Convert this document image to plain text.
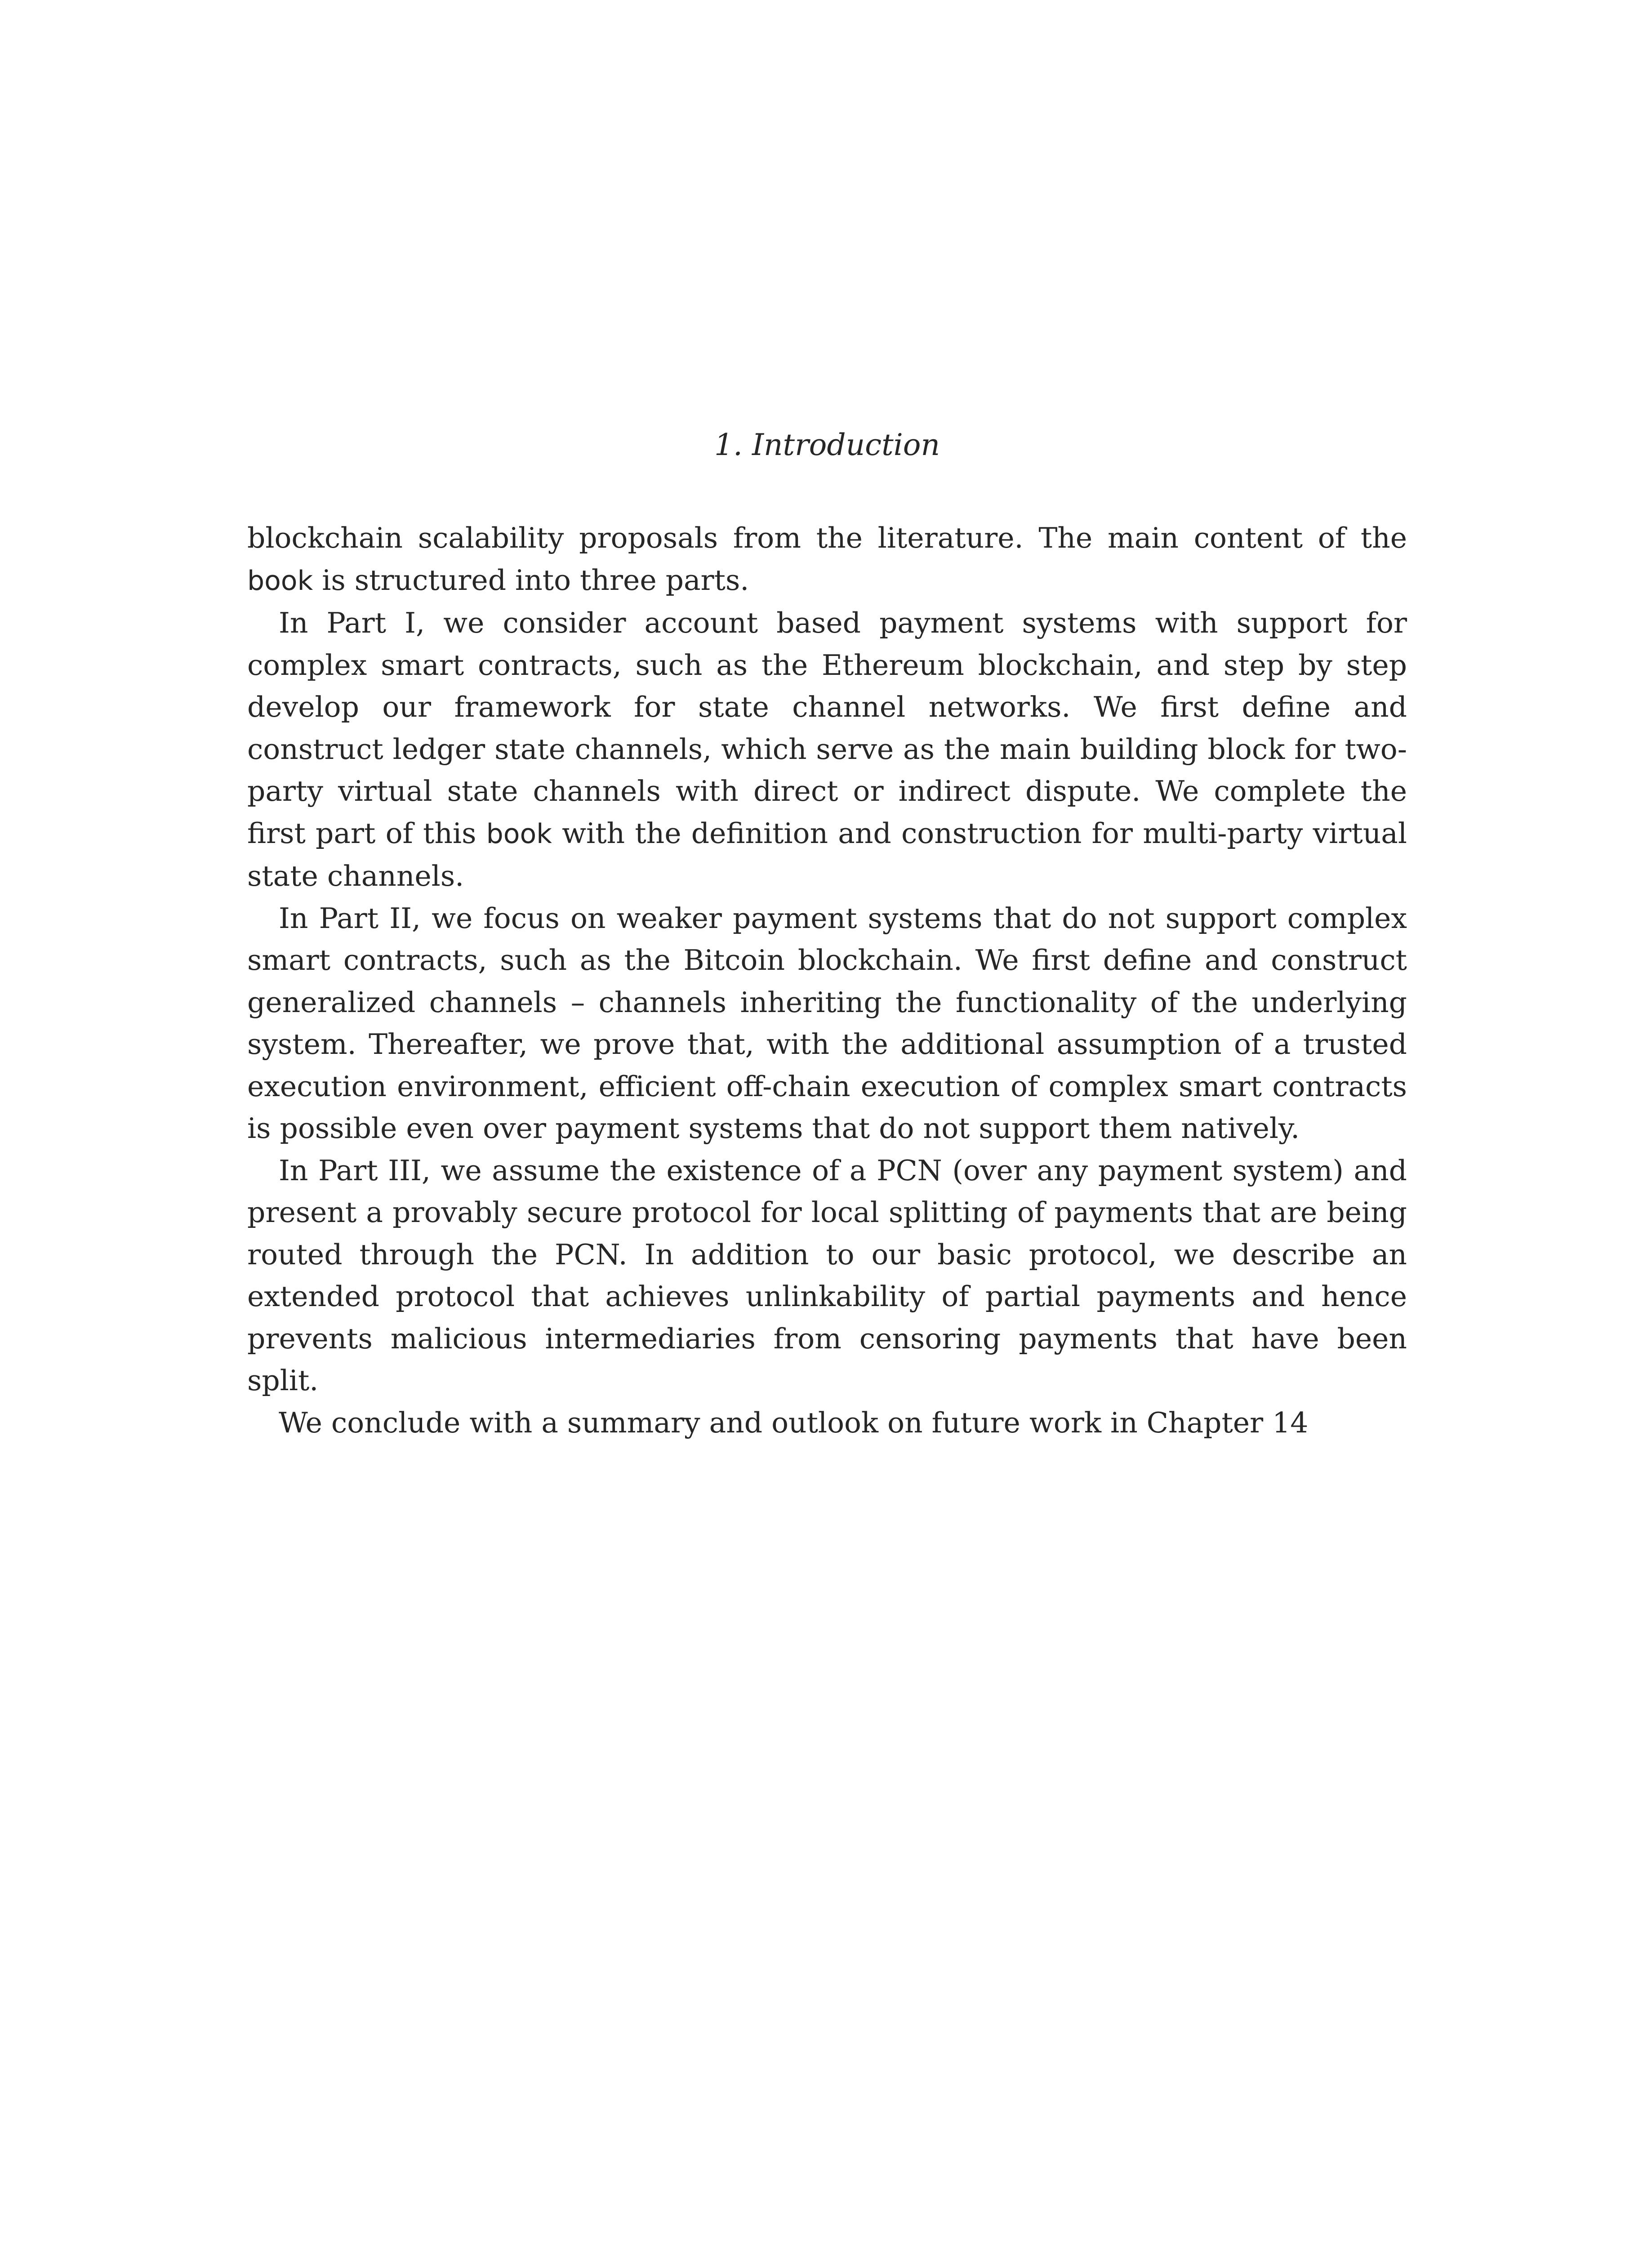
1. Introduction

blockchain scalability proposals from the literature. The main content of the book is structured into three parts.

In Part I, we consider account based payment systems with support for complex smart contracts, such as the Ethereum blockchain, and step by step develop our framework for state channel networks. We first define and construct ledger state channels, which serve as the main building block for two-party virtual state channels with direct or indirect dispute. We complete the first part of this book with the definition and construction for multi-party virtual state channels.

In Part II, we focus on weaker payment systems that do not support complex smart contracts, such as the Bitcoin blockchain. We first define and construct generalized channels – channels inheriting the functionality of the underlying system. Thereafter, we prove that, with the additional assumption of a trusted execution environment, efficient off-chain execution of complex smart contracts is possible even over payment systems that do not support them natively.

In Part III, we assume the existence of a PCN (over any payment system) and present a provably secure protocol for local splitting of payments that are being routed through the PCN. In addition to our basic protocol, we describe an extended protocol that achieves unlinkability of partial payments and hence prevents malicious intermediaries from censoring payments that have been split.

We conclude with a summary and outlook on future work in Chapter 14
